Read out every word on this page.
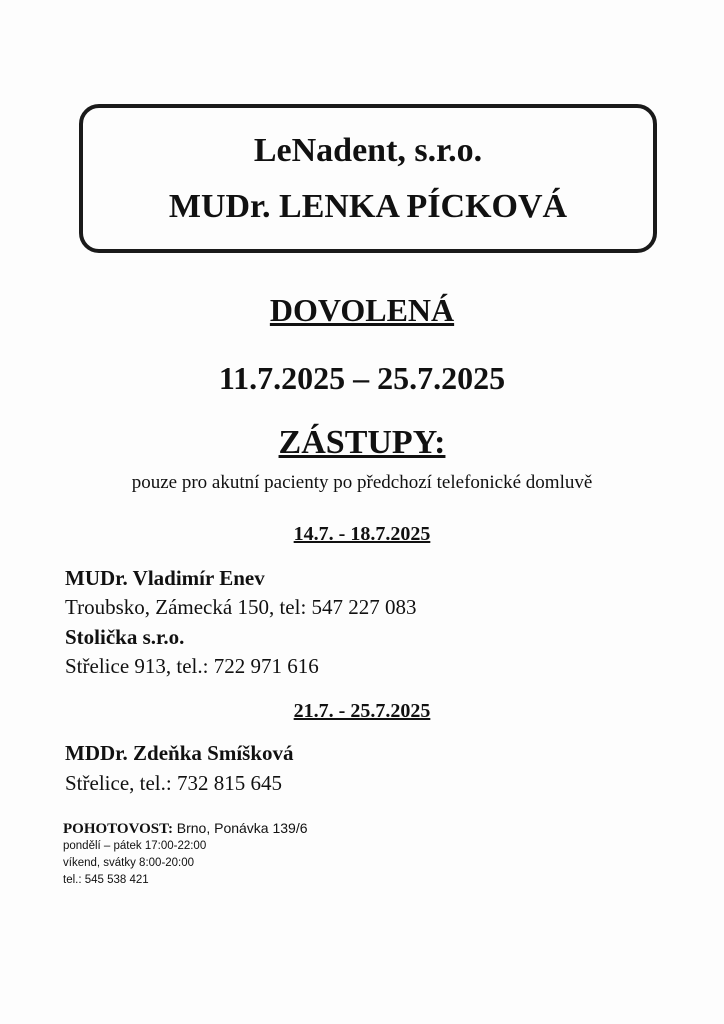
LeNadent, s.r.o.
MUDr. LENKA PÍCKOVÁ
DOVOLENÁ
11.7.2025 – 25.7.2025
ZÁSTUPY:
pouze pro akutní pacienty po předchozí telefonické domluvě
14.7. - 18.7.2025
MUDr. Vladimír Enev
Troubsko, Zámecká 150, tel: 547 227 083
Stolička s.r.o.
Střelice 913, tel.: 722 971 616
21.7. - 25.7.2025
MDDr. Zdeňka Smíšková
Střelice, tel.: 732 815 645
POHOTOVOST: Brno, Ponávka 139/6
pondělí – pátek 17:00-22:00
víkend, svátky 8:00-20:00
tel.: 545 538 421
